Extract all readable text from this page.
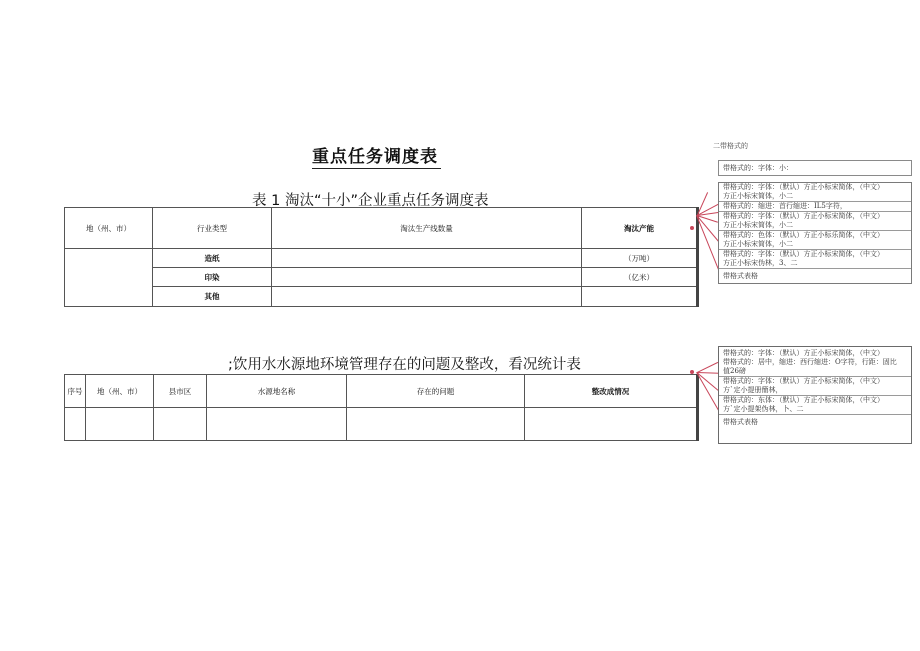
重点任务调度表
表 1 淘汰“十小”企业重点任务调度表
地（州、市）	行业类型	淘汰生产线数量	淘汰产能
	造纸		（万吨）
	印染		（亿米）
	其他		
;饮用水水源地环境管理存在的问题及整改，看况统计表
序号	地（州、市）	县市区	水源地名称	存在的问题	整改成情况

二带格式的
带格式的：字体：小：
带格式的：字体：（默认）方正小标宋简体，（中文）
方正小标宋简体，小二
带格式的：缩进：首行缩进：IL5字符，
带格式的：字体：（默认）方正小标宋简体，（中文）
方正小标宋简体，小二
带格式的：色体：（默认）方正小标乐简体，（中文）
方正小标宋简体，小二
带格式的：字体：（默认）方正小标宋简体，（中文）
方正小标宋伪林，3、二
带格式表格
带格式的：字体：（默认）方正小标宋简体，（中文）
带格式的：居中，缩进：西行缩进：O字符，行距：固比
值26磅
带格式的：字体：（默认）方正小标宋简体，（中文）
方`定小提册簡林，
带格式的：东体：（默认）方正小标宋简体，（中文）
方`定小提架伪林，卜、二
带格式表格
